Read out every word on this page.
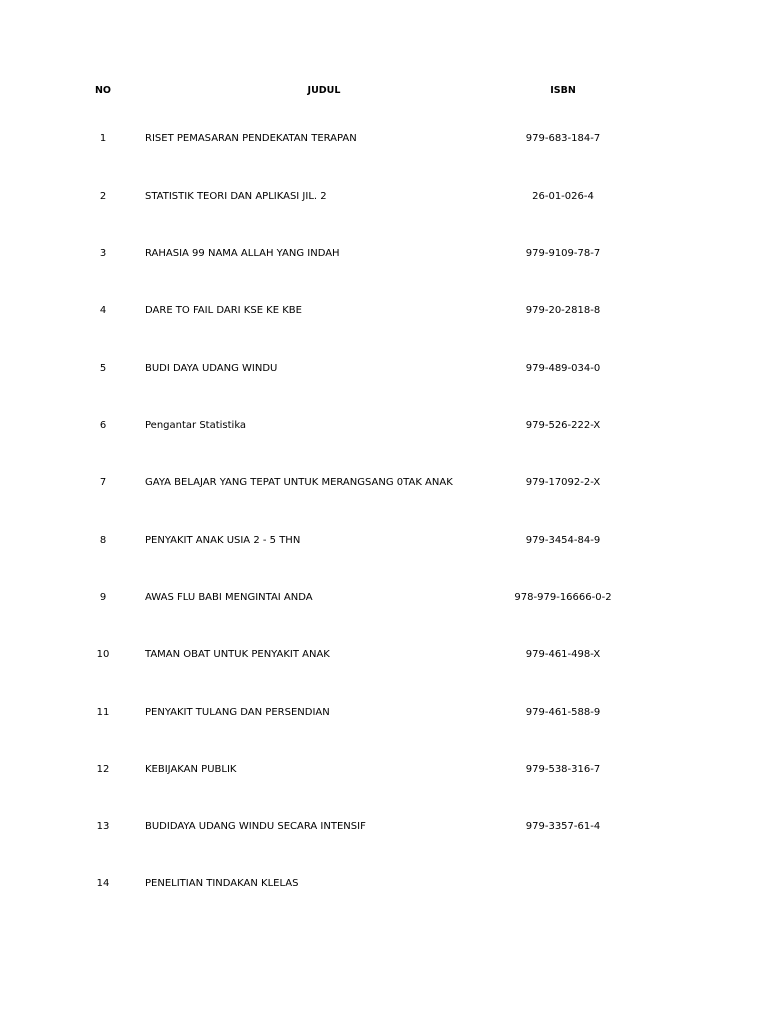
NO	JUDUL	ISBN
1	RISET PEMASARAN PENDEKATAN TERAPAN	979-683-184-7
2	STATISTIK TEORI DAN APLIKASI JIL. 2	26-01-026-4
3	RAHASIA 99 NAMA ALLAH YANG INDAH	979-9109-78-7
4	DARE TO FAIL DARI KSE KE KBE	979-20-2818-8
5	BUDI DAYA UDANG WINDU	979-489-034-0
6	Pengantar Statistika	979-526-222-X
7	GAYA BELAJAR YANG TEPAT UNTUK MERANGSANG 0TAK ANAK	979-17092-2-X
8	PENYAKIT ANAK USIA 2 - 5 THN	979-3454-84-9
9	AWAS FLU BABI MENGINTAI ANDA	978-979-16666-0-2
10	TAMAN OBAT UNTUK PENYAKIT ANAK	979-461-498-X
11	PENYAKIT TULANG DAN PERSENDIAN	979-461-588-9
12	KEBIJAKAN PUBLIK	979-538-316-7
13	BUDIDAYA UDANG WINDU SECARA INTENSIF	979-3357-61-4
14	PENELITIAN TINDAKAN KLELAS
